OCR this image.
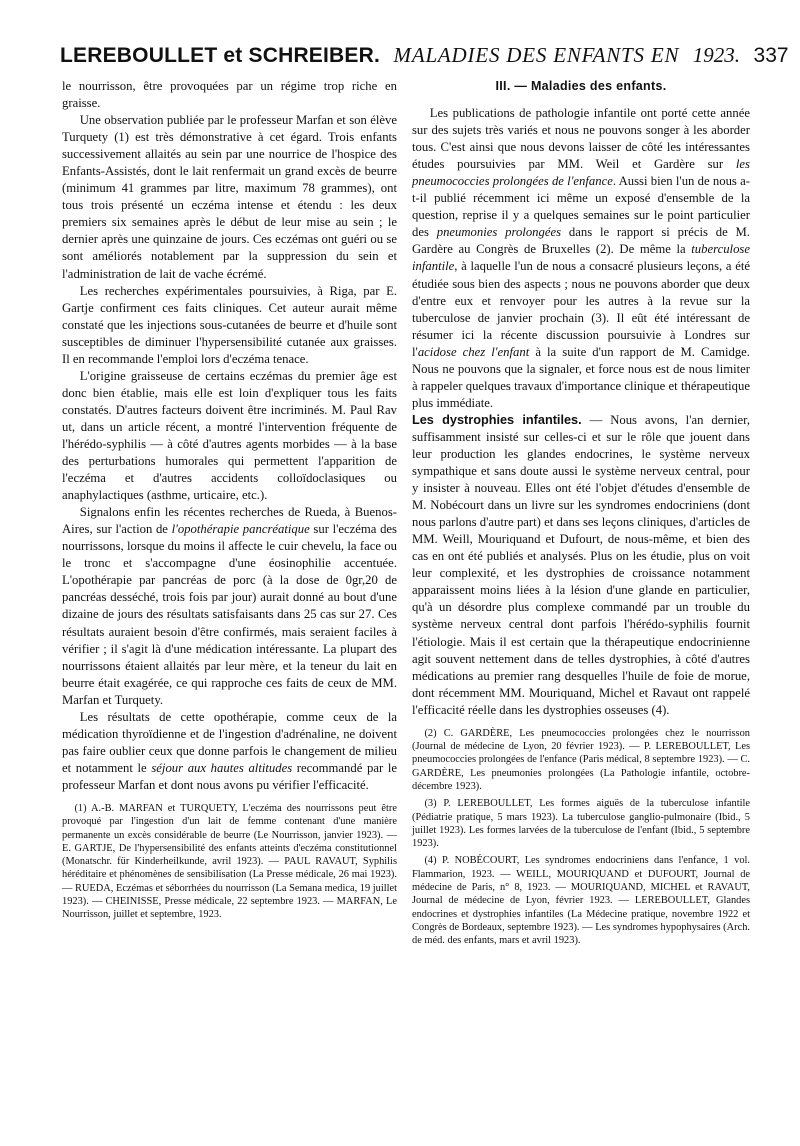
LEREBOULLET et SCHREIBER. MALADIES DES ENFANTS EN 1923. 337

le nourrisson, être provoquées par un régime trop riche en graisse.

Une observation publiée par le professeur Marfan et son élève Turquety (1) est très démonstrative à cet égard. Trois enfants successivement allaités au sein par une nourrice de l'hospice des Enfants-Assistés, dont le lait renfermait un grand excès de beurre (minimum 41 grammes par litre, maximum 78 grammes), ont tous trois présenté un eczéma intense et étendu : les deux premiers six semaines après le début de leur mise au sein ; le dernier après une quinzaine de jours. Ces eczémas ont guéri ou se sont améliorés notablement par la suppression du sein et l'administration de lait de vache écrémé.

Les recherches expérimentales poursuivies, à Riga, par E. Gartje confirment ces faits cliniques. Cet auteur aurait même constaté que les injections sous-cutanées de beurre et d'huile sont susceptibles de diminuer l'hypersensibilité cutanée aux graisses. Il en recommande l'emploi lors d'eczéma tenace.

L'origine graisseuse de certains eczémas du premier âge est donc bien établie, mais elle est loin d'expliquer tous les faits constatés. D'autres facteurs doivent être incriminés. M. Paul Rav ut, dans un article récent, a montré l'intervention fréquente de l'hérédo-syphilis — à côté d'autres agents morbides — à la base des perturbations humorales qui permettent l'apparition de l'eczéma et d'autres accidents colloïdoclasiques ou anaphylactiques (asthme, urticaire, etc.).

Signalons enfin les récentes recherches de Rueda, à Buenos-Aires, sur l'action de l'opothérapie pancréatique sur l'eczéma des nourrissons, lorsque du moins il affecte le cuir chevelu, la face ou le tronc et s'accompagne d'une éosinophilie accentuée. L'opothérapie par pancréas de porc (à la dose de 0gr,20 de pancréas desséché, trois fois par jour) aurait donné au bout d'une dizaine de jours des résultats satisfaisants dans 25 cas sur 27. Ces résultats auraient besoin d'être confirmés, mais seraient faciles à vérifier ; il s'agit là d'une médication intéressante. La plupart des nourrissons étaient allaités par leur mère, et la teneur du lait en beurre était exagérée, ce qui rapproche ces faits de ceux de MM. Marfan et Turquety.

Les résultats de cette opothérapie, comme ceux de la médication thyroïdienne et de l'ingestion d'adrénaline, ne doivent pas faire oublier ceux que donne parfois le changement de milieu et notamment le séjour aux hautes altitudes recommandé par le professeur Marfan et dont nous avons pu vérifier l'efficacité.

(1) A.-B. MARFAN et TURQUETY, L'eczéma des nourrissons peut être provoqué par l'ingestion d'un lait de femme contenant d'une manière permanente un excès considérable de beurre (Le Nourrisson, janvier 1923). — E. GARTJE, De l'hypersensibilité des enfants atteints d'eczéma constitutionnel (Monatschr. für Kinderheilkunde, avril 1923). — PAUL RAVAUT, Syphilis héréditaire et phénomènes de sensibilisation (La Presse médicale, 26 mai 1923). — RUEDA, Eczémas et séborrhées du nourrisson (La Semana medica, 19 juillet 1923). — CHEINISSE, Presse médicale, 22 septembre 1923. — MARFAN, Le Nourrisson, juillet et septembre, 1923.

III. — Maladies des enfants.

Les publications de pathologie infantile ont porté cette année sur des sujets très variés et nous ne pouvons songer à les aborder tous. C'est ainsi que nous devons laisser de côté les intéressantes études poursuivies par MM. Weil et Gardère sur les pneumococcies prolongées de l'enfance. Aussi bien l'un de nous a-t-il publié récemment ici même un exposé d'ensemble de la question, reprise il y a quelques semaines sur le point particulier des pneumonies prolongées dans le rapport si précis de M. Gardère au Congrès de Bruxelles (2). De même la tuberculose infantile, à laquelle l'un de nous a consacré plusieurs leçons, a été étudiée sous bien des aspects ; nous ne pouvons aborder que deux d'entre eux et renvoyer pour les autres à la revue sur la tuberculose de janvier prochain (3). Il eût été intéressant de résumer ici la récente discussion poursuivie à Londres sur l'acidose chez l'enfant à la suite d'un rapport de M. Camidge. Nous ne pouvons que la signaler, et force nous est de nous limiter à rappeler quelques travaux d'importance clinique et thérapeutique plus immédiate.

Les dystrophies infantiles. — Nous avons, l'an dernier, suffisamment insisté sur celles-ci et sur le rôle que jouent dans leur production les glandes endocrines, le système nerveux sympathique et sans doute aussi le système nerveux central, pour y insister à nouveau. Elles ont été l'objet d'études d'ensemble de M. Nobécourt dans un livre sur les syndromes endocriniens (dont nous parlons d'autre part) et dans ses leçons cliniques, d'articles de MM. Weill, Mouriquand et Dufourt, de nous-même, et bien des cas en ont été publiés et analysés. Plus on les étudie, plus on voit leur complexité, et les dystrophies de croissance notamment apparaissent moins liées à la lésion d'une glande en particulier, qu'à un désordre plus complexe commandé par un trouble du système nerveux central dont parfois l'hérédo-syphilis fournit l'étiologie. Mais il est certain que la thérapeutique endocrinienne agit souvent nettement dans de telles dystrophies, à côté d'autres médications au premier rang desquelles l'huile de foie de morue, dont récemment MM. Mouriquand, Michel et Ravaut ont rappelé l'efficacité réelle dans les dystrophies osseuses (4).

(2) C. GARDÈRE, Les pneumococcies prolongées chez le nourrisson (Journal de médecine de Lyon, 20 février 1923). — P. LEREBOULLET, Les pneumococcies prolongées de l'enfance (Paris médical, 8 septembre 1923). — C. GARDÈRE, Les pneumonies prolongées (La Pathologie infantile, octobre-décembre 1923).

(3) P. LEREBOULLET, Les formes aiguës de la tuberculose infantile (Pédiatrie pratique, 5 mars 1923). La tuberculose ganglio-pulmonaire (Ibid., 5 juillet 1923). Les formes larvées de la tuberculose de l'enfant (Ibid., 5 septembre 1923).

(4) P. NOBÉCOURT, Les syndromes endocriniens dans l'enfance, 1 vol. Flammarion, 1923. — WEILL, MOURIQUAND et DUFOURT, Journal de médecine de Paris, n° 8, 1923. — MOURIQUAND, MICHEL et RAVAUT, Journal de médecine de Lyon, février 1923. — LEREBOULLET, Glandes endocrines et dystrophies infantiles (La Médecine pratique, novembre 1922 et Congrès de Bordeaux, septembre 1923). — Les syndromes hypophysaires (Arch. de méd. des enfants, mars et avril 1923).
